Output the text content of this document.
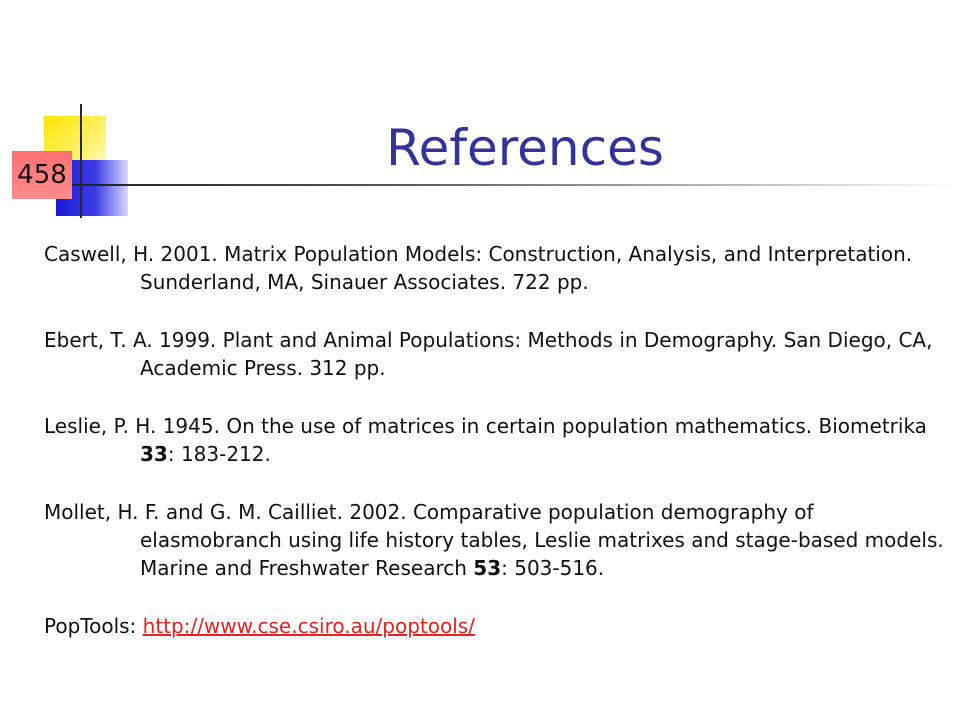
458	References

Caswell, H. 2001. Matrix Population Models: Construction, Analysis, and Interpretation. Sunderland, MA, Sinauer Associates. 722 pp.

Ebert, T. A. 1999. Plant and Animal Populations: Methods in Demography. San Diego, CA, Academic Press. 312 pp.

Leslie, P. H. 1945. On the use of matrices in certain population mathematics. Biometrika 33: 183-212.

Mollet, H. F. and G. M. Cailliet. 2002. Comparative population demography of elasmobranch using life history tables, Leslie matrixes and stage-based models. Marine and Freshwater Research 53: 503-516.

PopTools: http://www.cse.csiro.au/poptools/
